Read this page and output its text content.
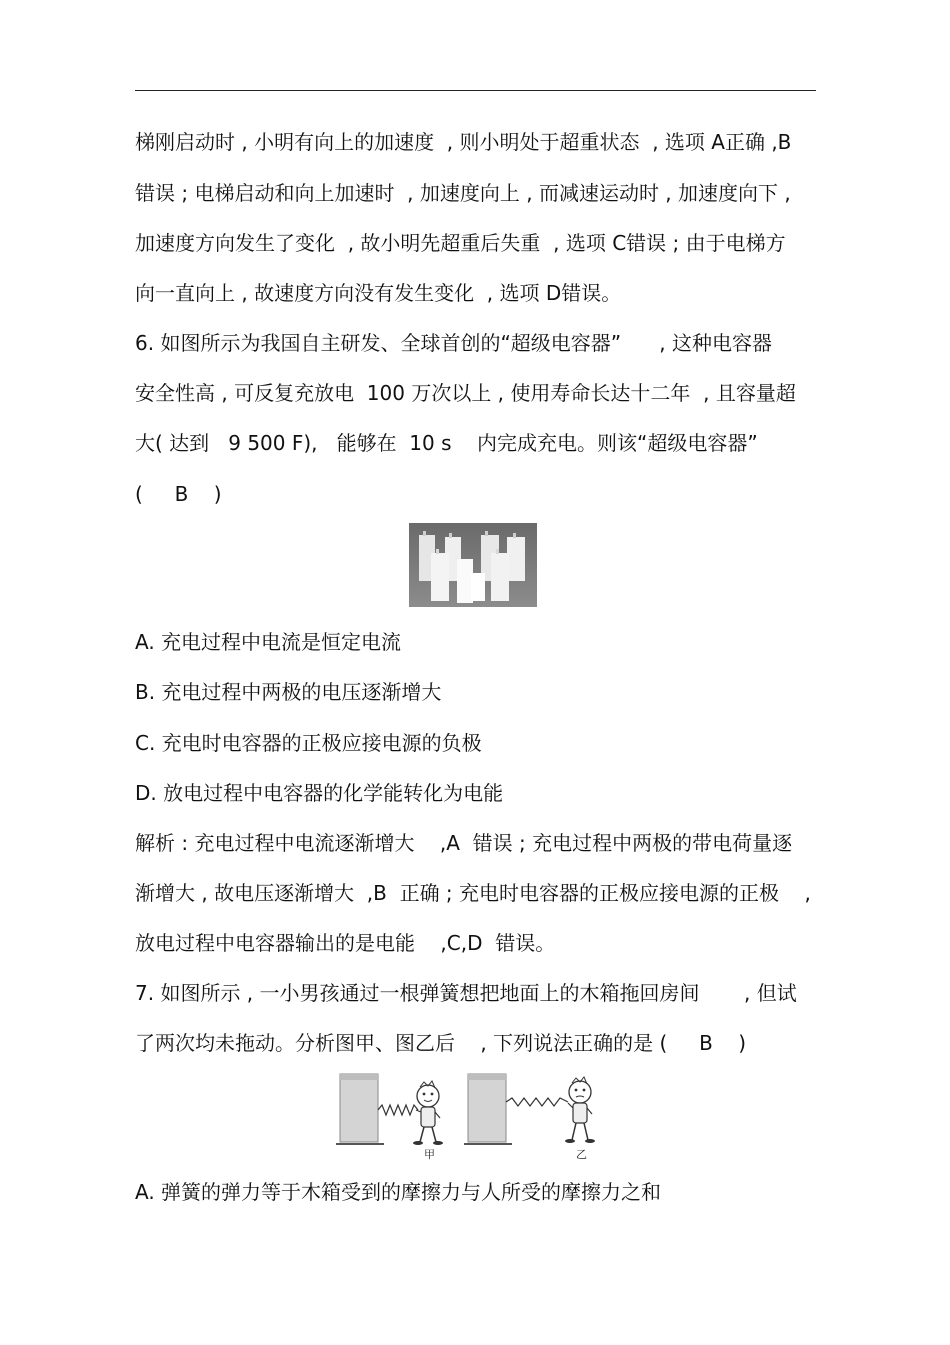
梯刚启动时 , 小明有向上的加速度  , 则小明处于超重状态  , 选项 A正确 ,B
错误 ; 电梯启动和向上加速时  , 加速度向上 , 而减速运动时 , 加速度向下 ,
加速度方向发生了变化  , 故小明先超重后失重  , 选项 C错误 ; 由于电梯方
向一直向上 , 故速度方向没有发生变化  , 选项 D错误。
6. 如图所示为我国自主研发、全球首创的“超级电容器”      , 这种电容器
安全性高 , 可反复充放电  100 万次以上 , 使用寿命长达十二年  , 且容量超
大( 达到   9 500 F),   能够在  10 s    内完成充电。则该“超级电容器”
(     B    )
A. 充电过程中电流是恒定电流
B. 充电过程中两极的电压逐渐增大
C. 充电时电容器的正极应接电源的负极
D. 放电过程中电容器的化学能转化为电能
解析 : 充电过程中电流逐渐增大    ,A  错误 ; 充电过程中两极的带电荷量逐
渐增大 , 故电压逐渐增大  ,B  正确 ; 充电时电容器的正极应接电源的正极    ,
放电过程中电容器输出的是电能    ,C,D  错误。
7. 如图所示 , 一小男孩通过一根弹簧想把地面上的木箱拖回房间       , 但试
了两次均未拖动。分析图甲、图乙后    , 下列说法正确的是 (     B    )
甲	乙
A. 弹簧的弹力等于木箱受到的摩擦力与人所受的摩擦力之和
